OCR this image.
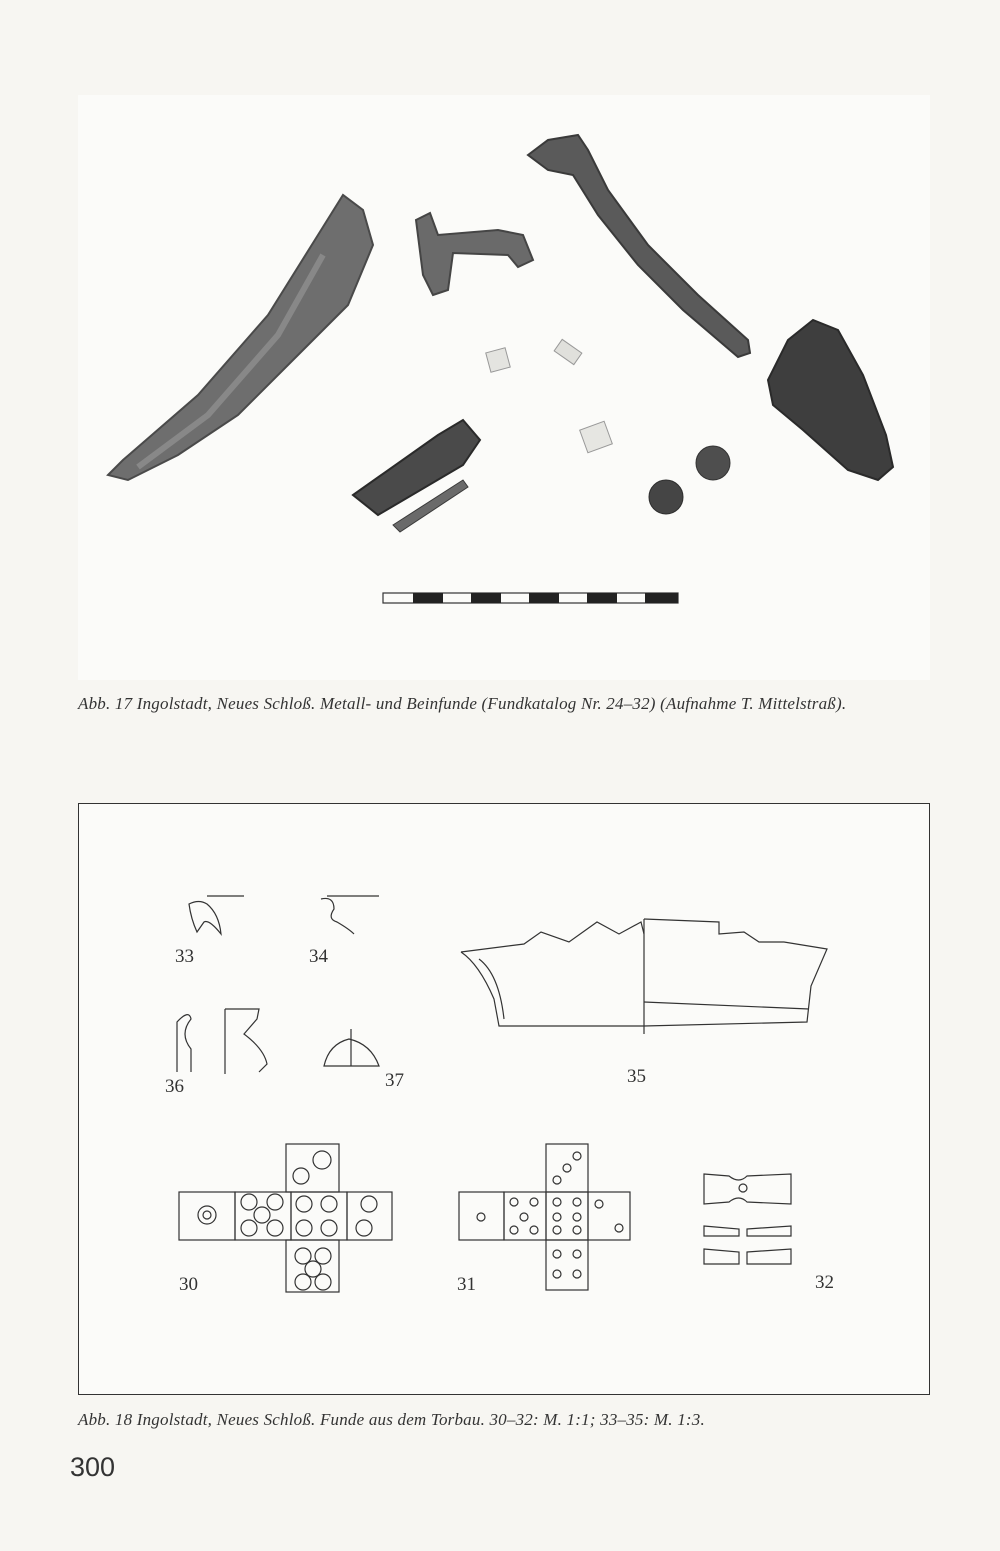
Abb. 17 Ingolstadt, Neues Schloß. Metall- und Beinfunde (Fundkatalog Nr. 24–32) (Aufnahme T. Mittelstraß).
33	34
35
36	37
30	31	32
Abb. 18 Ingolstadt, Neues Schloß. Funde aus dem Torbau. 30–32: M. 1:1; 33–35: M. 1:3.
300
